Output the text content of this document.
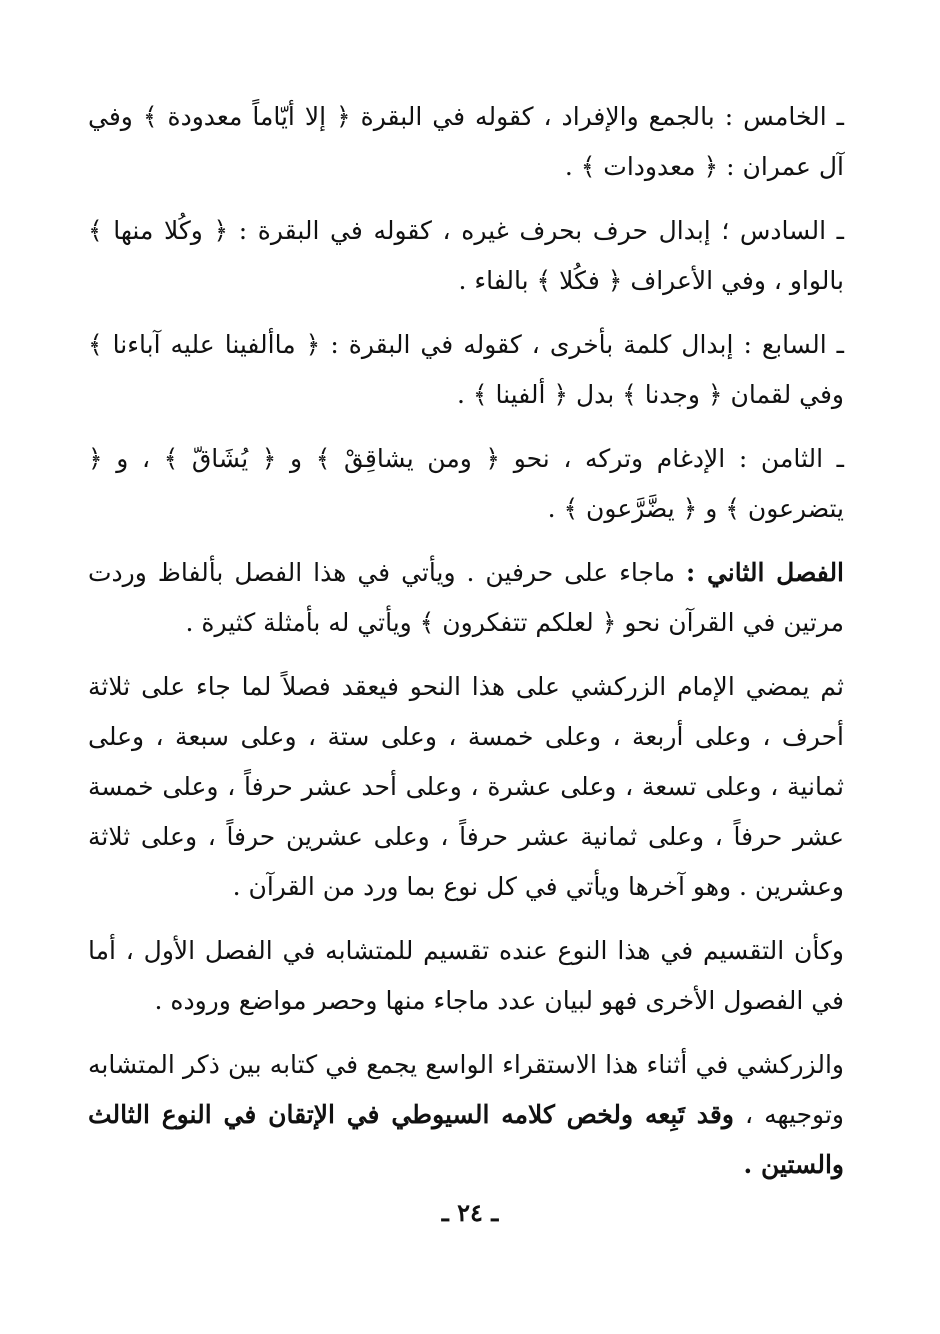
ـ الخامس : بالجمع والإفراد ، كقوله في البقرة ﴿ إلا أيّاماً معدودة ﴾ وفي آل عمران : ﴿ معدودات ﴾ .

ـ السادس ؛ إبدال حرف بحرف غيره ، كقوله في البقرة : ﴿ وكُلا منها ﴾ بالواو ، وفي الأعراف ﴿ فكُلا ﴾ بالفاء .

ـ السابع : إبدال كلمة بأخرى ، كقوله في البقرة : ﴿ ماألفينا عليه آباءنا ﴾ وفي لقمان ﴿ وجدنا ﴾ بدل ﴿ ألفينا ﴾ .

ـ الثامن : الإدغام وتركه ، نحو ﴿ ومن يشاقِقْ ﴾ و ﴿ يُشَاقّ ﴾ ، و ﴿ يتضرعون ﴾ و ﴿ يضَّرَّعون ﴾ .

الفصل الثاني : ماجاء على حرفين . ويأتي في هذا الفصل بألفاظ وردت مرتين في القرآن نحو ﴿ لعلكم تتفكرون ﴾ ويأتي له بأمثلة كثيرة .

ثم يمضي الإمام الزركشي على هذا النحو فيعقد فصلاً لما جاء على ثلاثة أحرف ، وعلى أربعة ، وعلى خمسة ، وعلى ستة ، وعلى سبعة ، وعلى ثمانية ، وعلى تسعة ، وعلى عشرة ، وعلى أحد عشر حرفاً ، وعلى خمسة عشر حرفاً ، وعلى ثمانية عشر حرفاً ، وعلى عشرين حرفاً ، وعلى ثلاثة وعشرين . وهو آخرها ويأتي في كل نوع بما ورد من القرآن .

وكأن التقسيم في هذا النوع عنده تقسيم للمتشابه في الفصل الأول ، أما في الفصول الأخرى فهو لبيان عدد ماجاء منها وحصر مواضع وروده .

والزركشي في أثناء هذا الاستقراء الواسع يجمع في كتابه بين ذكر المتشابه وتوجيهه ، وقد تَبِعه ولخص كلامه السيوطي في الإتقان في النوع الثالث والستين .

ـ ٢٤ ـ
